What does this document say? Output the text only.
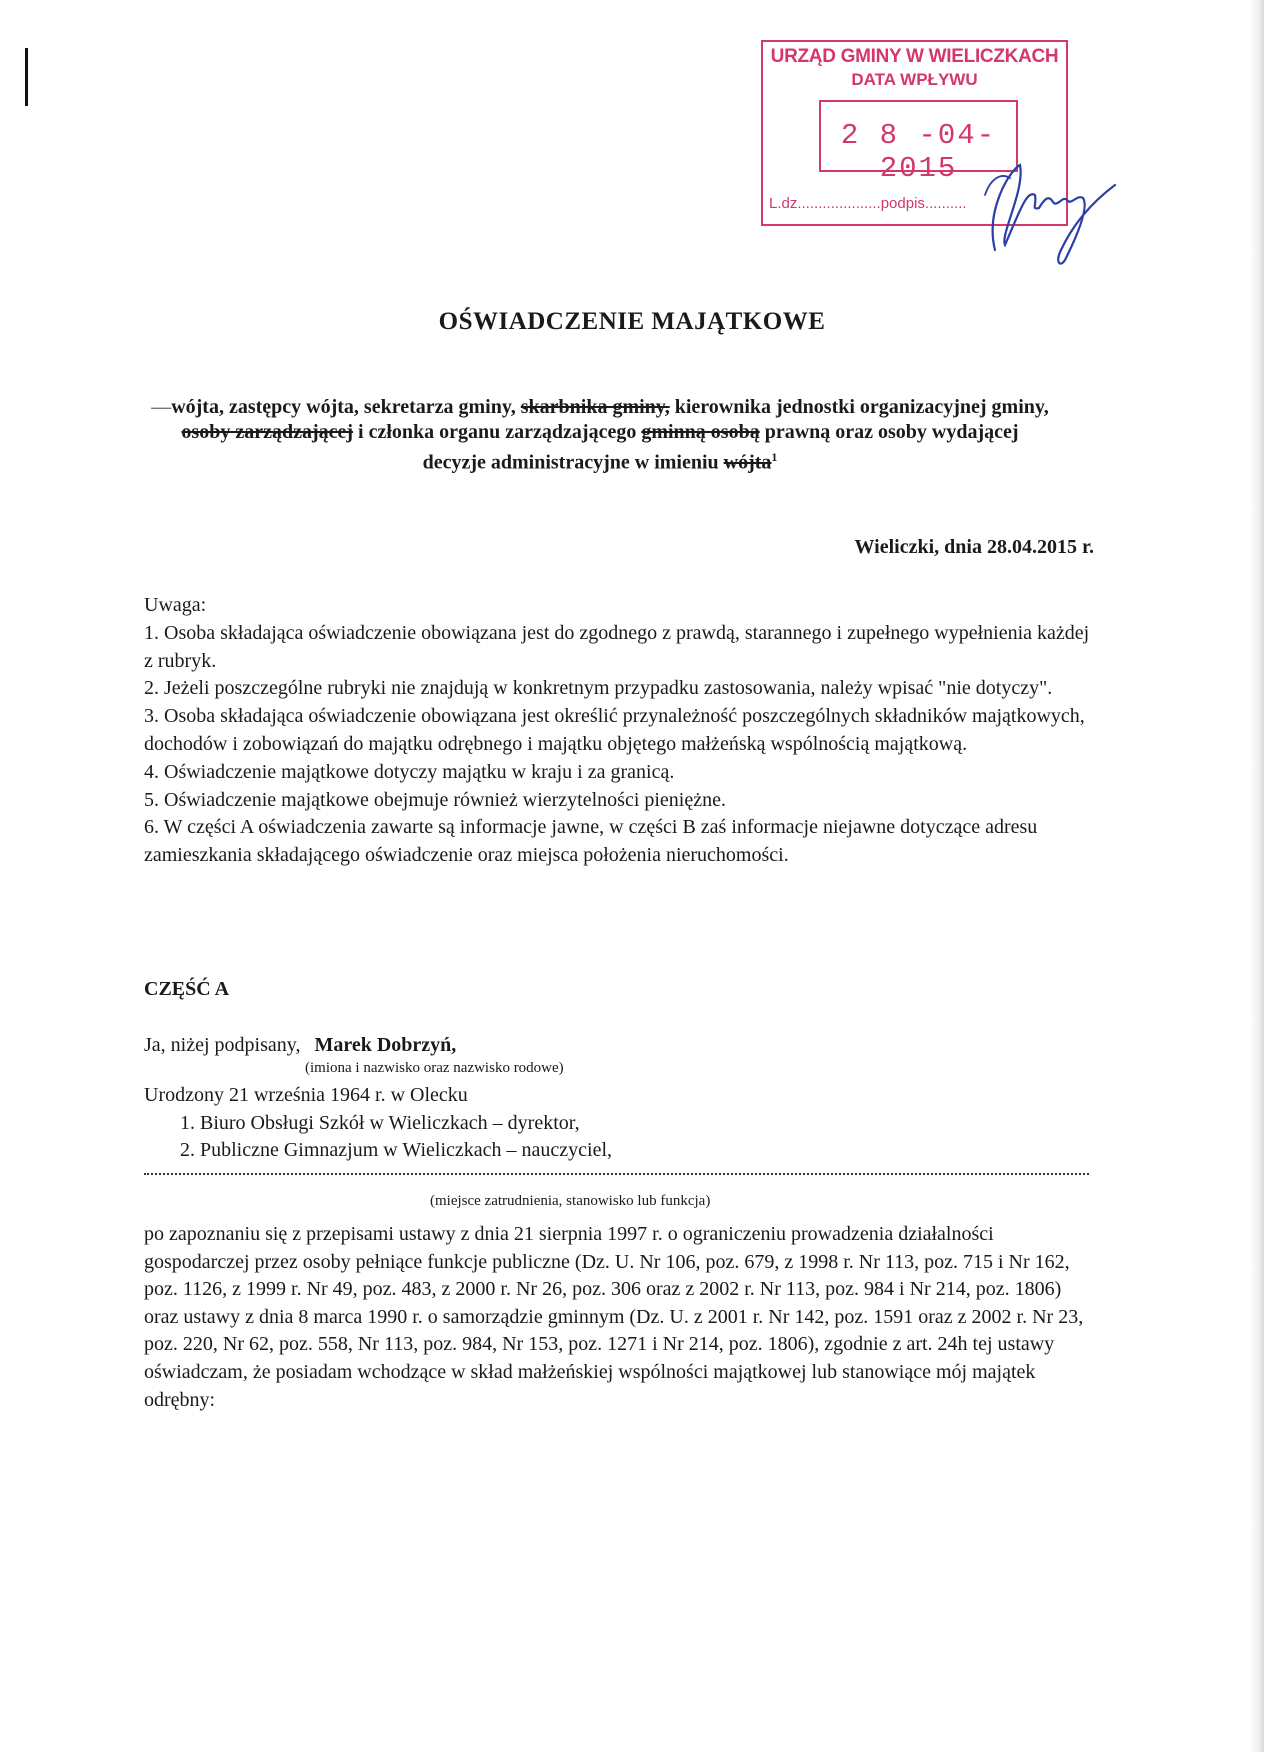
URZĄD GMINY W WIELICZKACH
DATA WPŁYWU
2 8 -04- 2015
L.dz....................podpis..........
OŚWIADCZENIE MAJĄTKOWE
—wójta, zastępcy wójta, sekretarza gminy, skarbnika gminy, kierownika jednostki organizacyjnej gminy, osoby zarządzającej i członka organu zarządzającego gminną osobą prawną oraz osoby wydającej decyzje administracyjne w imieniu wójta$^1$
Wieliczki, dnia 28.04.2015 r.

Uwaga:

1. Osoba składająca oświadczenie obowiązana jest do zgodnego z prawdą, starannego i zupełnego wypełnienia każdej z rubryk.

2. Jeżeli poszczególne rubryki nie znajdują w konkretnym przypadku zastosowania, należy wpisać "nie dotyczy".

3. Osoba składająca oświadczenie obowiązana jest określić przynależność poszczególnych składników majątkowych, dochodów i zobowiązań do majątku odrębnego i majątku objętego małżeńską wspólnością majątkową.

4. Oświadczenie majątkowe dotyczy majątku w kraju i za granicą.

5. Oświadczenie majątkowe obejmuje również wierzytelności pieniężne.

6. W części A oświadczenia zawarte są informacje jawne, w części B zaś informacje niejawne dotyczące adresu zamieszkania składającego oświadczenie oraz miejsca położenia nieruchomości.

CZĘŚĆ A
Ja, niżej podpisany, Marek Dobrzyń,
(imiona i nazwisko oraz nazwisko rodowe)
Urodzony 21 września 1964 r. w Olecku
1. Biuro Obsługi Szkół w Wieliczkach – dyrektor,
2. Publiczne Gimnazjum w Wieliczkach – nauczyciel,
(miejsce zatrudnienia, stanowisko lub funkcja)

po zapoznaniu się z przepisami ustawy z dnia 21 sierpnia 1997 r. o ograniczeniu prowadzenia działalności gospodarczej przez osoby pełniące funkcje publiczne (Dz. U. Nr 106, poz. 679, z 1998 r. Nr 113, poz. 715 i Nr 162, poz. 1126, z 1999 r. Nr 49, poz. 483, z 2000 r. Nr 26, poz. 306 oraz z 2002 r. Nr 113, poz. 984 i Nr 214, poz. 1806) oraz ustawy z dnia 8 marca 1990 r. o samorządzie gminnym (Dz. U. z 2001 r. Nr 142, poz. 1591 oraz z 2002 r. Nr 23, poz. 220, Nr 62, poz. 558, Nr 113, poz. 984, Nr 153, poz. 1271 i Nr 214, poz. 1806), zgodnie z art. 24h tej ustawy oświadczam, że posiadam wchodzące w skład małżeńskiej wspólności majątkowej lub stanowiące mój majątek odrębny:
